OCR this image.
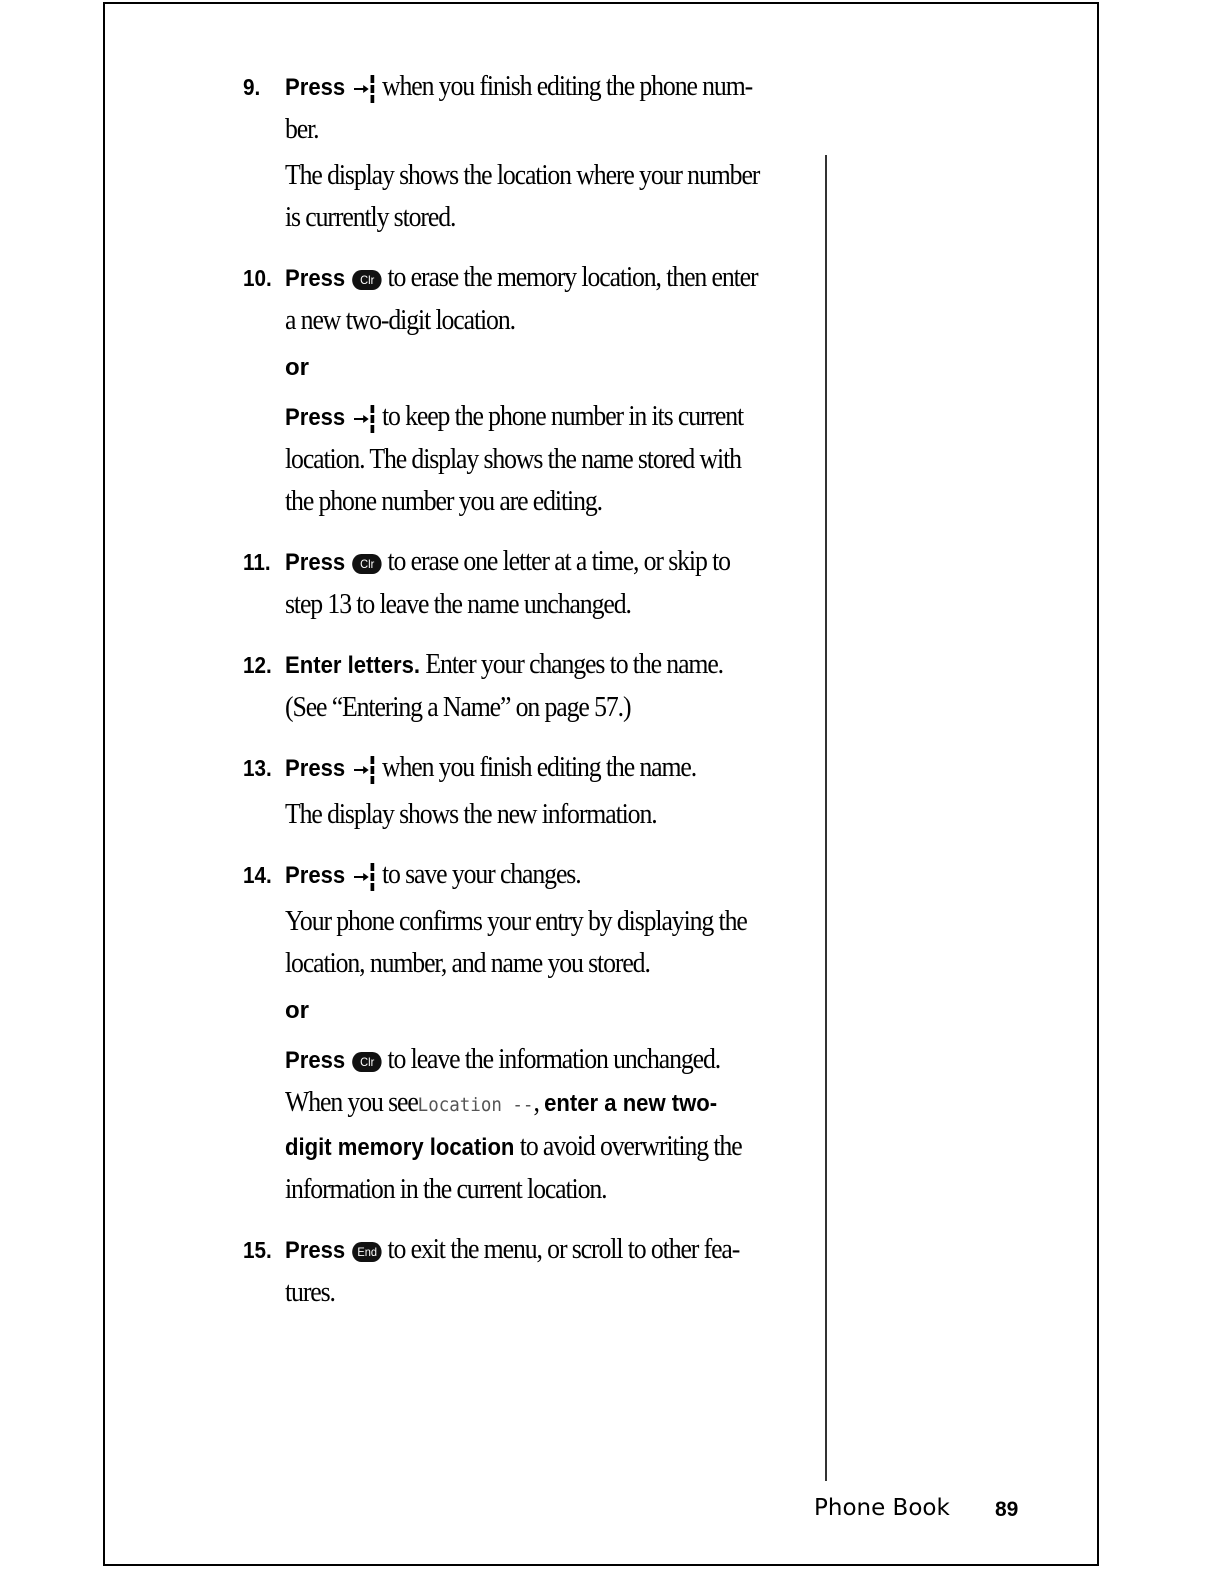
9. Press when you finish editing the phone num-
ber.
The display shows the location where your number
is currently stored.
10. Press Clr to erase the memory location, then enter
a new two-digit location.
or
Press to keep the phone number in its current
location. The display shows the name stored with
the phone number you are editing.
11. Press Clr to erase one letter at a time, or skip to
step 13 to leave the name unchanged.
12. Enter letters. Enter your changes to the name.
(See “Entering a Name” on page 57.)
13. Press when you finish editing the name.
The display shows the new information.
14. Press to save your changes.
Your phone confirms your entry by displaying the
location, number, and name you stored.
or
Press Clr to leave the information unchanged.
When you seeLocation --, enter a new two-
digit memory location to avoid overwriting the
information in the current location.
15. Press End to exit the menu, or scroll to other fea-
tures.
Phone Book 89
